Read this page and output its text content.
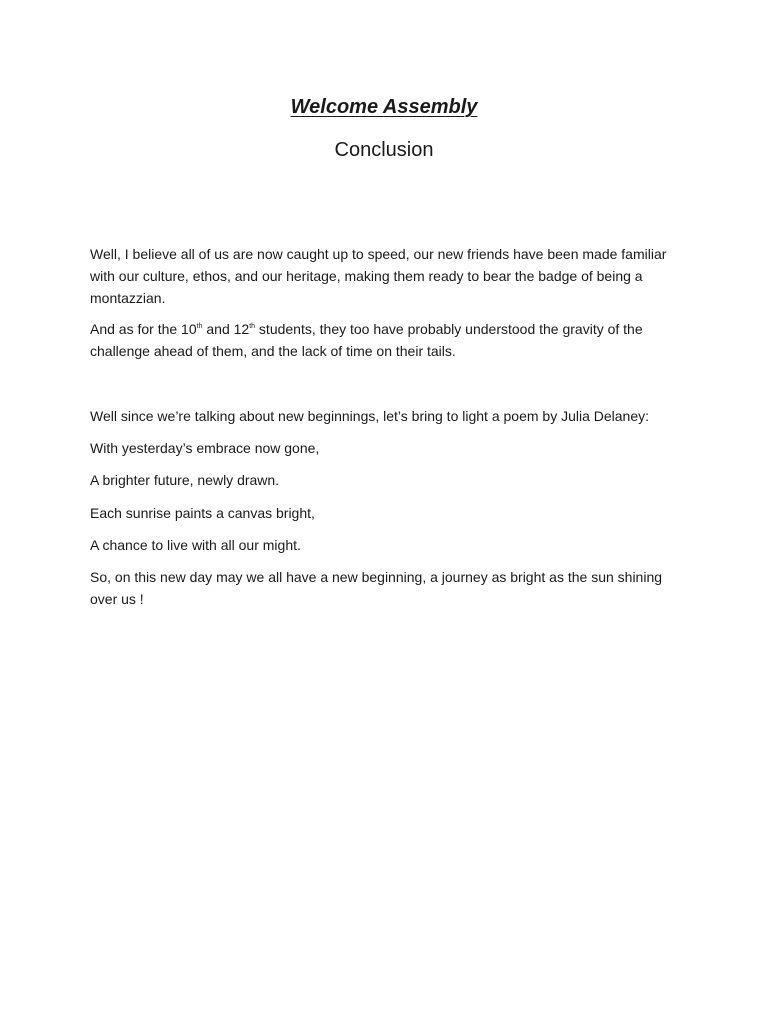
Welcome Assembly
Conclusion

Well, I believe all of us are now caught up to speed, our new friends have been made familiar with our culture, ethos, and our heritage, making them ready to bear the badge of being a montazzian.

And as for the 10th and 12th students, they too have probably understood the gravity of the challenge ahead of them, and the lack of time on their tails.

Well since we’re talking about new beginnings, let’s bring to light a poem by Julia Delaney:

With yesterday’s embrace now gone,

A brighter future, newly drawn.

Each sunrise paints a canvas bright,

A chance to live with all our might.

So, on this new day may we all have a new beginning, a journey as bright as the sun shining over us !
